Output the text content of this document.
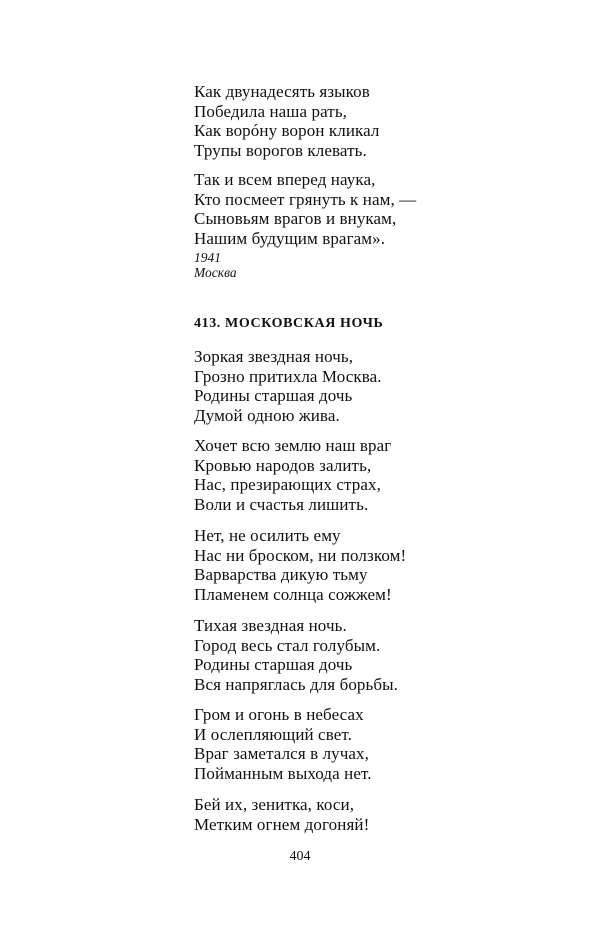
Как двунадесять языков
Победила наша рать,
Как ворóну ворон кликал
Трупы ворогов клевать.
Так и всем вперед наука,
Кто посмеет грянуть к нам, —
Сыновьям врагов и внукам,
Нашим будущим врагам».
1941
Москва
413. МОСКОВСКАЯ НОЧЬ
Зоркая звездная ночь,
Грозно притихла Москва.
Родины старшая дочь
Думой одною жива.
Хочет всю землю наш враг
Кровью народов залить,
Нас, презирающих страх,
Воли и счастья лишить.
Нет, не осилить ему
Нас ни броском, ни ползком!
Варварства дикую тьму
Пламенем солнца сожжем!
Тихая звездная ночь.
Город весь стал голубым.
Родины старшая дочь
Вся напряглась для борьбы.
Гром и огонь в небесах
И ослепляющий свет.
Враг заметался в лучах,
Пойманным выхода нет.
Бей их, зенитка, коси,
Метким огнем догоняй!
404
